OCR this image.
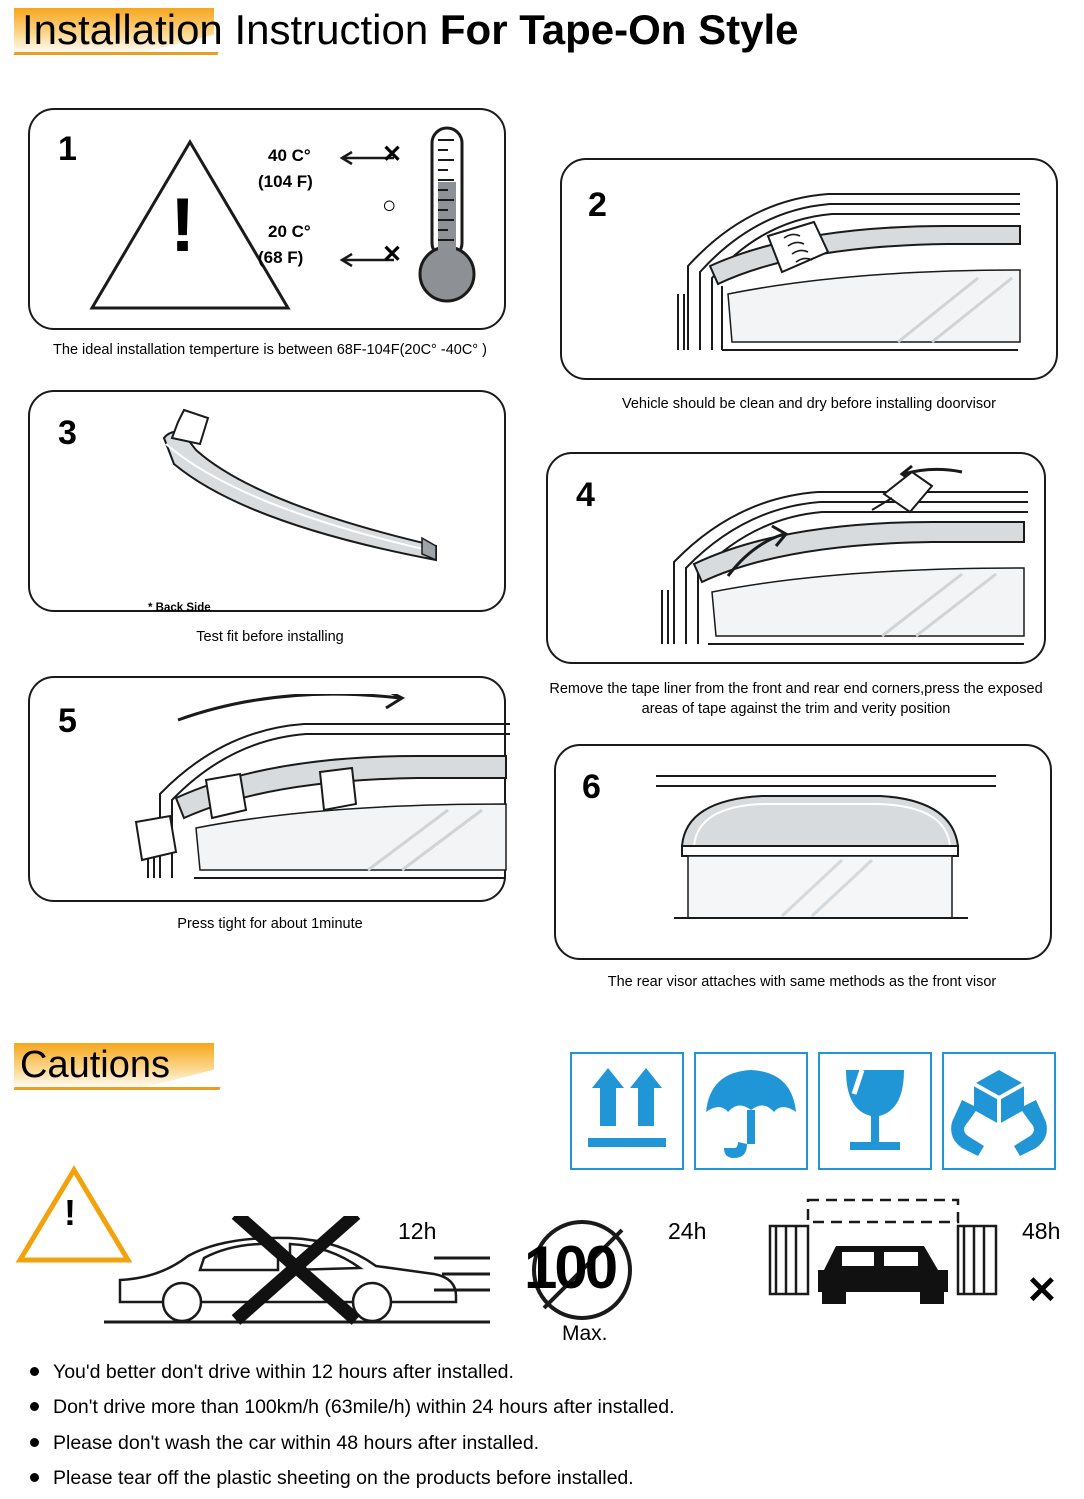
Installation Instruction For Tape-On Style
1
!
40 C°
(104 F)
20 C°
(68 F)
✕
○
✕
The ideal installation temperture is between 68F-104F(20C° -40C° )
2
Vehicle should be clean and dry before installing doorvisor
3
* Back Side
Test fit before installing
4
Remove the tape liner from the front and rear end corners,press the exposed areas of tape against the trim and verity position
5
Press tight for about 1minute
6
The rear visor attaches with same methods as the front visor
Cautions
!	12h
100
Max.
24h	48h
✕
You'd better don't drive within 12 hours after installed.
Don't drive more than 100km/h (63mile/h) within 24 hours after installed.
Please don't wash the car within 48 hours after installed.
Please tear off the plastic sheeting on the products before installed.
